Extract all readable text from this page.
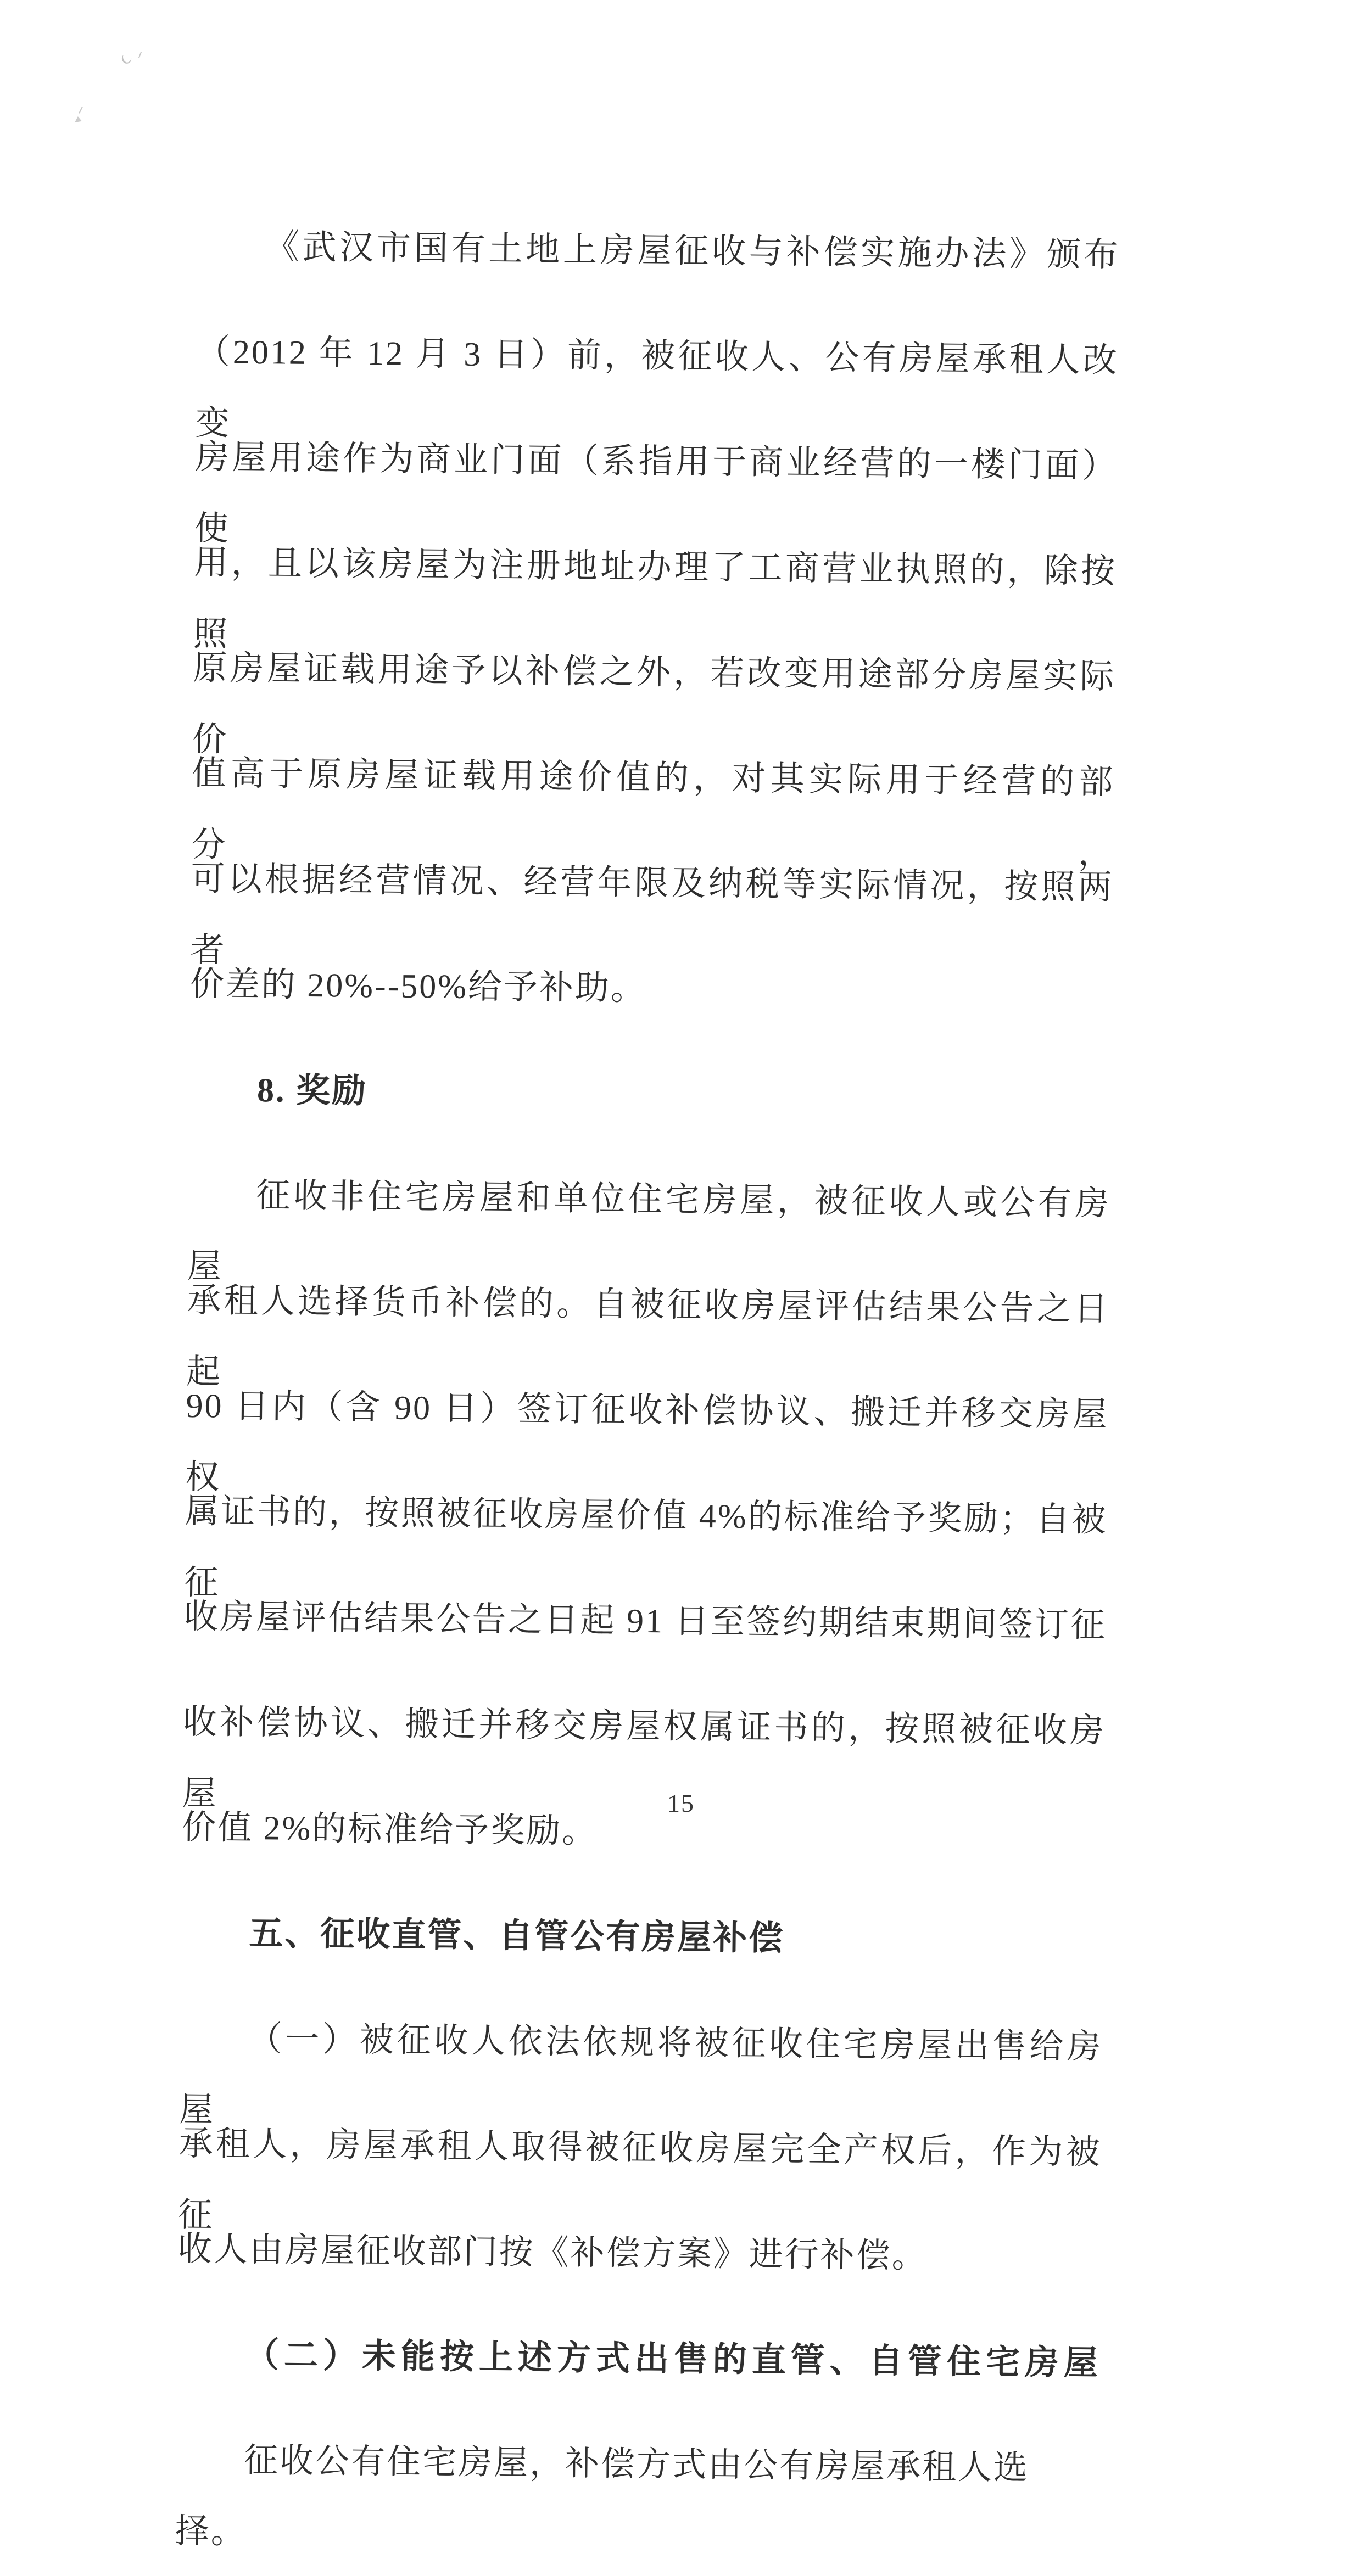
《武汉市国有土地上房屋征收与补偿实施办法》颁布

（2012 年 12 月 3 日）前，被征收人、公有房屋承租人改变

房屋用途作为商业门面（系指用于商业经营的一楼门面）使

用，且以该房屋为注册地址办理了工商营业执照的，除按照

原房屋证载用途予以补偿之外，若改变用途部分房屋实际价

值高于原房屋证载用途价值的，对其实际用于经营的部分，

可以根据经营情况、经营年限及纳税等实际情况，按照两者

价差的 20%--50%给予补助。

8. 奖励

征收非住宅房屋和单位住宅房屋，被征收人或公有房屋

承租人选择货币补偿的。自被征收房屋评估结果公告之日起

90 日内（含 90 日）签订征收补偿协议、搬迁并移交房屋权

属证书的，按照被征收房屋价值 4%的标准给予奖励；自被征

收房屋评估结果公告之日起 91 日至签约期结束期间签订征

收补偿协议、搬迁并移交房屋权属证书的，按照被征收房屋

价值 2%的标准给予奖励。

五、征收直管、自管公有房屋补偿

（一）被征收人依法依规将被征收住宅房屋出售给房屋

承租人，房屋承租人取得被征收房屋完全产权后，作为被征

收人由房屋征收部门按《补偿方案》进行补偿。

（二）未能按上述方式出售的直管、自管住宅房屋

征收公有住宅房屋，补偿方式由公有房屋承租人选择。

15
